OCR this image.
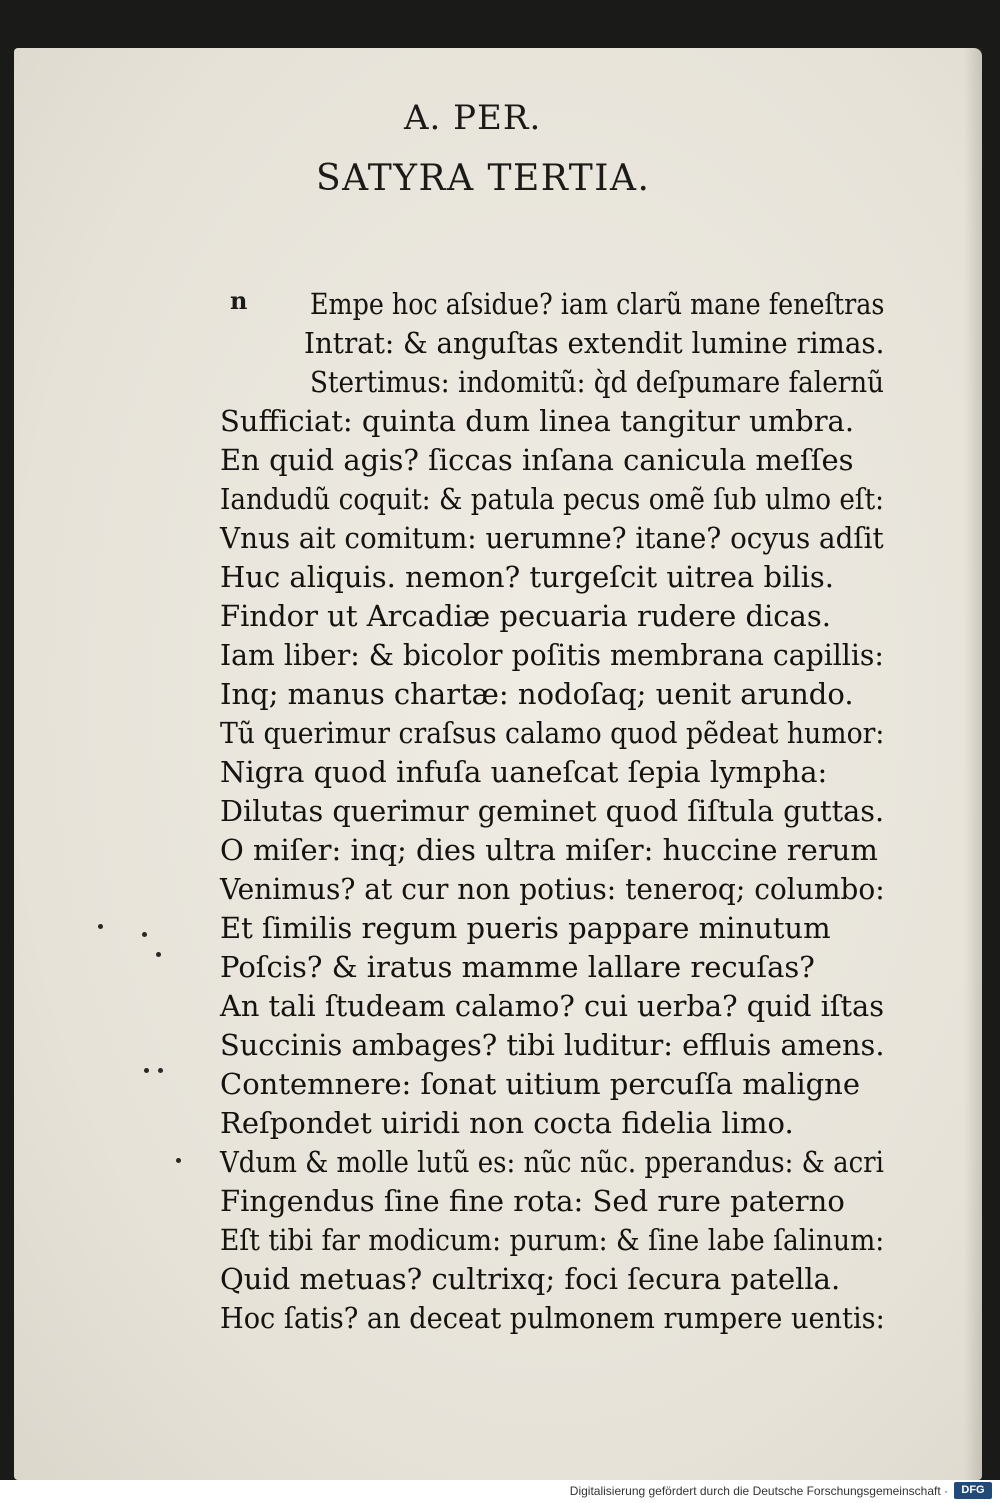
A. PER.
SATYRA TERTIA.
n Empe hoc aſsidue? iam clarũ mane feneſtras
Intrat: & anguſtas extendit lumine rimas.
Stertimus: indomitũ: q̀d deſpumare falernũ
Sufficiat: quinta dum linea tangitur umbra.
En quid agis? ſiccas inſana canicula meſſes
Iandudũ coquit: & patula pecus omẽ ſub ulmo eſt:
Vnus ait comitum: uerumne? itane? ocyus adſit
Huc aliquis. nemon? turgeſcit uitrea bilis.
Findor ut Arcadiæ pecuaria rudere dicas.
Iam liber: & bicolor poſitis membrana capillis:
Inq; manus chartæ: nodoſaq; uenit arundo.
Tũ querimur craſsus calamo quod pẽdeat humor:
Nigra quod infuſa uaneſcat ſepia lympha:
Dilutas querimur geminet quod ſiſtula guttas.
O miſer: inq; dies ultra miſer: huccine rerum
Venimus? at cur non potius: teneroq; columbo:
Et ſimilis regum pueris pappare minutum
Poſcis? & iratus mamme lallare recuſas?
An tali ſtudeam calamo? cui uerba? quid iſtas
Succinis ambages? tibi luditur: effluis amens.
Contemnere: ſonat uitium percuſſa maligne
Reſpondet uiridi non cocta fidelia limo.
Vdum & molle lutũ es: nũc nũc. pperandus: & acri
Fingendus ſine fine rota: Sed rure paterno
Eſt tibi far modicum: purum: & ſine labe ſalinum:
Quid metuas? cultrixq; foci ſecura patella.
Hoc ſatis? an deceat pulmonem rumpere uentis:
Digitalisierung gefördert durch die Deutsche Forschungsgemeinschaft ·	DFG
